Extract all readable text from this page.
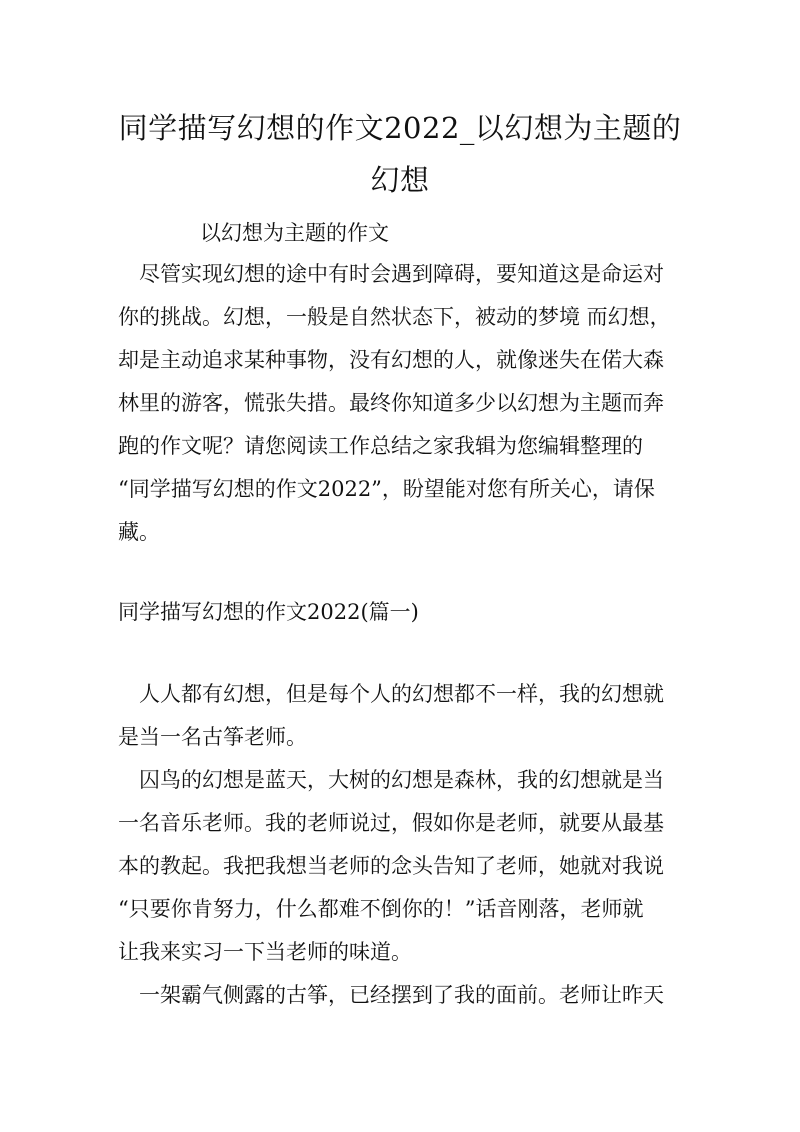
同学描写幻想的作文2022_以幻想为主题的
幻想

以幻想为主题的作文

　尽管实现幻想的途中有时会遇到障碍，要知道这是命运对

你的挑战。幻想，一般是自然状态下，被动的梦境 而幻想，

却是主动追求某种事物，没有幻想的人，就像迷失在偌大森

林里的游客，慌张失措。最终你知道多少以幻想为主题而奔

跑的作文呢？请您阅读工作总结之家我辑为您编辑整理的

“同学描写幻想的作文2022”，盼望能对您有所关心，请保

藏。

同学描写幻想的作文2022(篇一)

　人人都有幻想，但是每个人的幻想都不一样，我的幻想就

是当一名古筝老师。

　囚鸟的幻想是蓝天，大树的幻想是森林，我的幻想就是当

一名音乐老师。我的老师说过，假如你是老师，就要从最基

本的教起。我把我想当老师的念头告知了老师，她就对我说

“只要你肯努力，什么都难不倒你的！”话音刚落，老师就

让我来实习一下当老师的味道。

　一架霸气侧露的古筝，已经摆到了我的面前。老师让昨天
